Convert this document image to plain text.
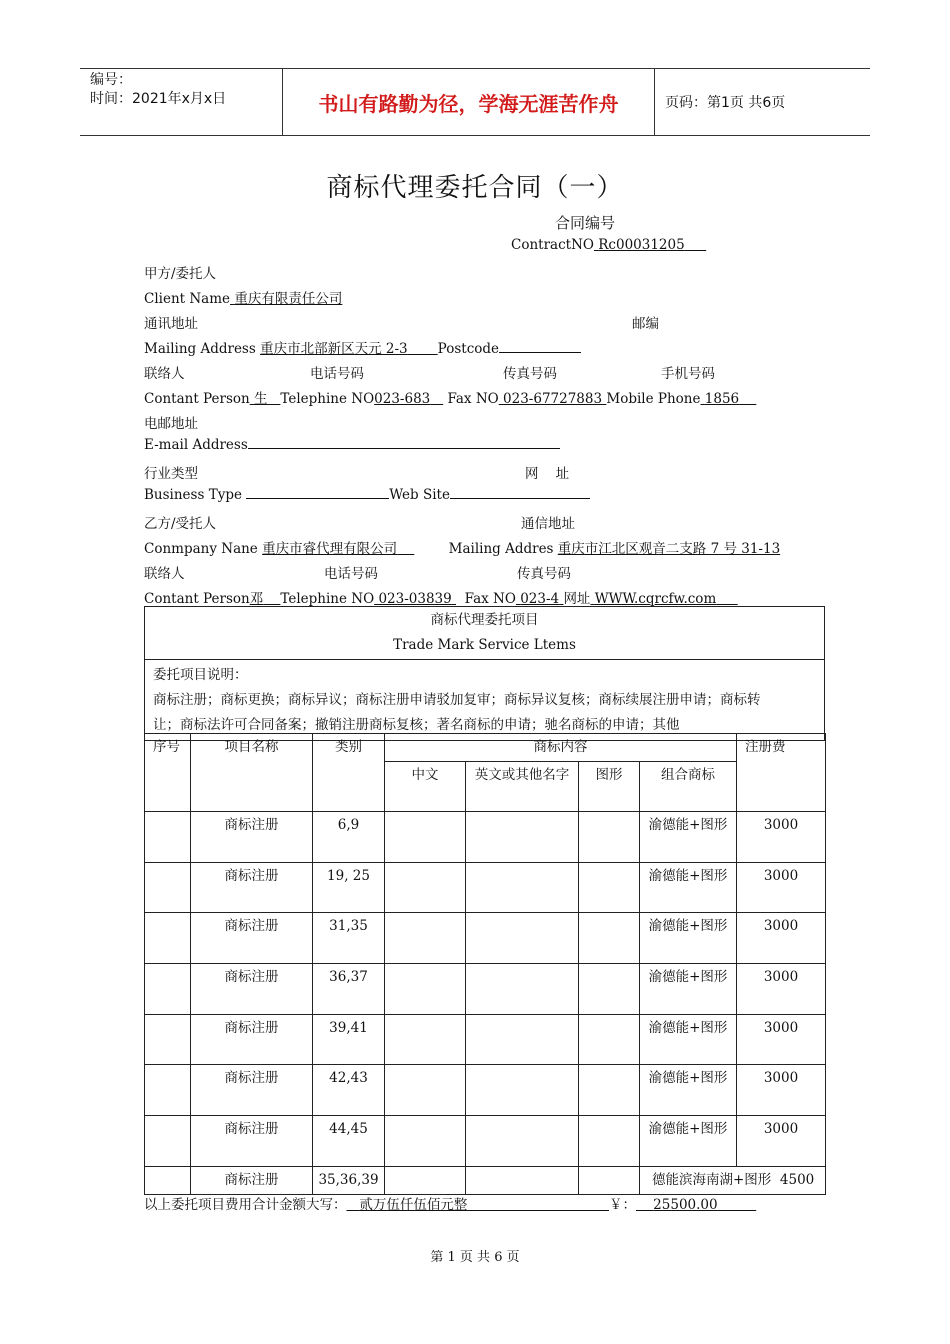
编号：
时间：2021年x月x日	书山有路勤为径，学海无涯苦作舟	页码：第1页 共6页
商标代理委托合同（一）
合同编号
ContractNO Rc00031205
甲方/委托人
Client Name 重庆有限责任公司
通讯地址	邮编
Mailing Address 重庆市北部新区天元 2-3 Postcode
联络人	电话号码	传真号码	手机号码
Contant Person 生 Telephine NO023-683 Fax NO 023-67727883 Mobile Phone 1856
电邮地址
E-mail Address
行业类型	网    址
Business Type	Web Site
乙方/受托人	通信地址
Conmpany Nane 重庆市睿代理有限公司	Mailing Addres 重庆市江北区观音二支路 7 号 31-13
联络人	电话号码	传真号码
Contant Person邓 Telephine NO 023-03839 Fax NO 023-4 网址 WWW.cqrcfw.com
商标代理委托项目
Trade Mark Service Ltems
委托项目说明：
商标注册；商标更换；商标异议；商标注册申请驳加复审；商标异议复核；商标续展注册申请；商标转
让；商标法许可合同备案；撤销注册商标复核；著名商标的申请；驰名商标的申请；其他
序号	项目名称	类别	商标内容				注册费
			中文	英文或其他名字	图形	组合商标	
	商标注册	6,9				渝德能+图形	3000
	商标注册	19, 25				渝德能+图形	3000
	商标注册	31,35				渝德能+图形	3000
	商标注册	36,37				渝德能+图形	3000
	商标注册	39,41				渝德能+图形	3000
	商标注册	42,43				渝德能+图形	3000
	商标注册	44,45				渝德能+图形	3000
	商标注册	35,36,39				德能滨海南湖+图形  4500	
以上委托项目费用合计金额大写： 贰万伍仟伍佰元整	￥： 25500.00
第 1 页 共 6 页
